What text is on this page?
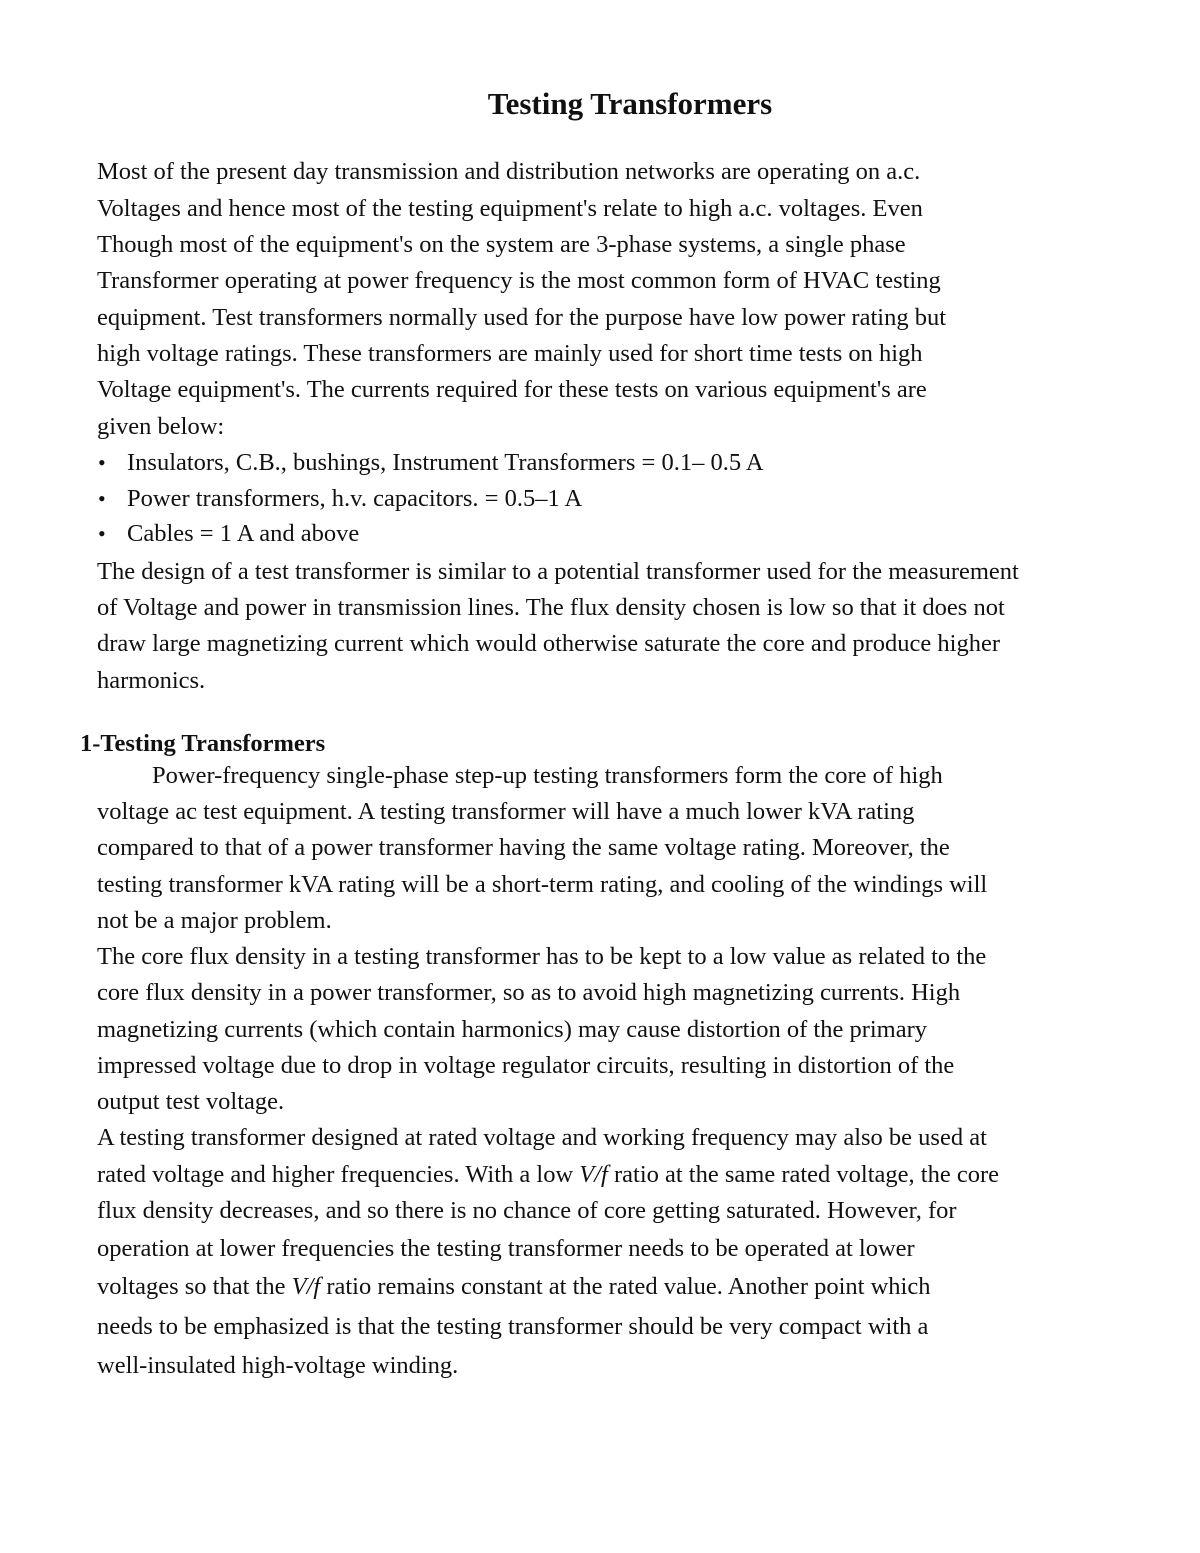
Testing Transformers
Most of the present day transmission and distribution networks are operating on a.c.
Voltages and hence most of the testing equipment's relate to high a.c. voltages. Even
Though most of the equipment's on the system are 3-phase systems, a single phase
Transformer operating at power frequency is the most common form of HVAC testing
equipment. Test transformers normally used for the purpose have low power rating but
high voltage ratings. These transformers are mainly used for short time tests on high
Voltage equipment's. The currents required for these tests on various equipment's are
given below:
• Insulators, C.B., bushings, Instrument Transformers = 0.1– 0.5 A
• Power transformers, h.v. capacitors. = 0.5–1 A
• Cables = 1 A and above
The design of a test transformer is similar to a potential transformer used for the measurement
of Voltage and power in transmission lines. The flux density chosen is low so that it does not
draw large magnetizing current which would otherwise saturate the core and produce higher
harmonics.
1-Testing Transformers
Power-frequency single-phase step-up testing transformers form the core of high
voltage ac test equipment. A testing transformer will have a much lower kVA rating
compared to that of a power transformer having the same voltage rating. Moreover, the
testing transformer kVA rating will be a short-term rating, and cooling of the windings will
not be a major problem.
The core flux density in a testing transformer has to be kept to a low value as related to the
core flux density in a power transformer, so as to avoid high magnetizing currents. High
magnetizing currents (which contain harmonics) may cause distortion of the primary
impressed voltage due to drop in voltage regulator circuits, resulting in distortion of the
output test voltage.
A testing transformer designed at rated voltage and working frequency may also be used at
rated voltage and higher frequencies. With a low V/f ratio at the same rated voltage, the core
flux density decreases, and so there is no chance of core getting saturated. However, for
operation at lower frequencies the testing transformer needs to be operated at lower
voltages so that the V/f ratio remains constant at the rated value. Another point which
needs to be emphasized is that the testing transformer should be very compact with a
well-insulated high-voltage winding.
